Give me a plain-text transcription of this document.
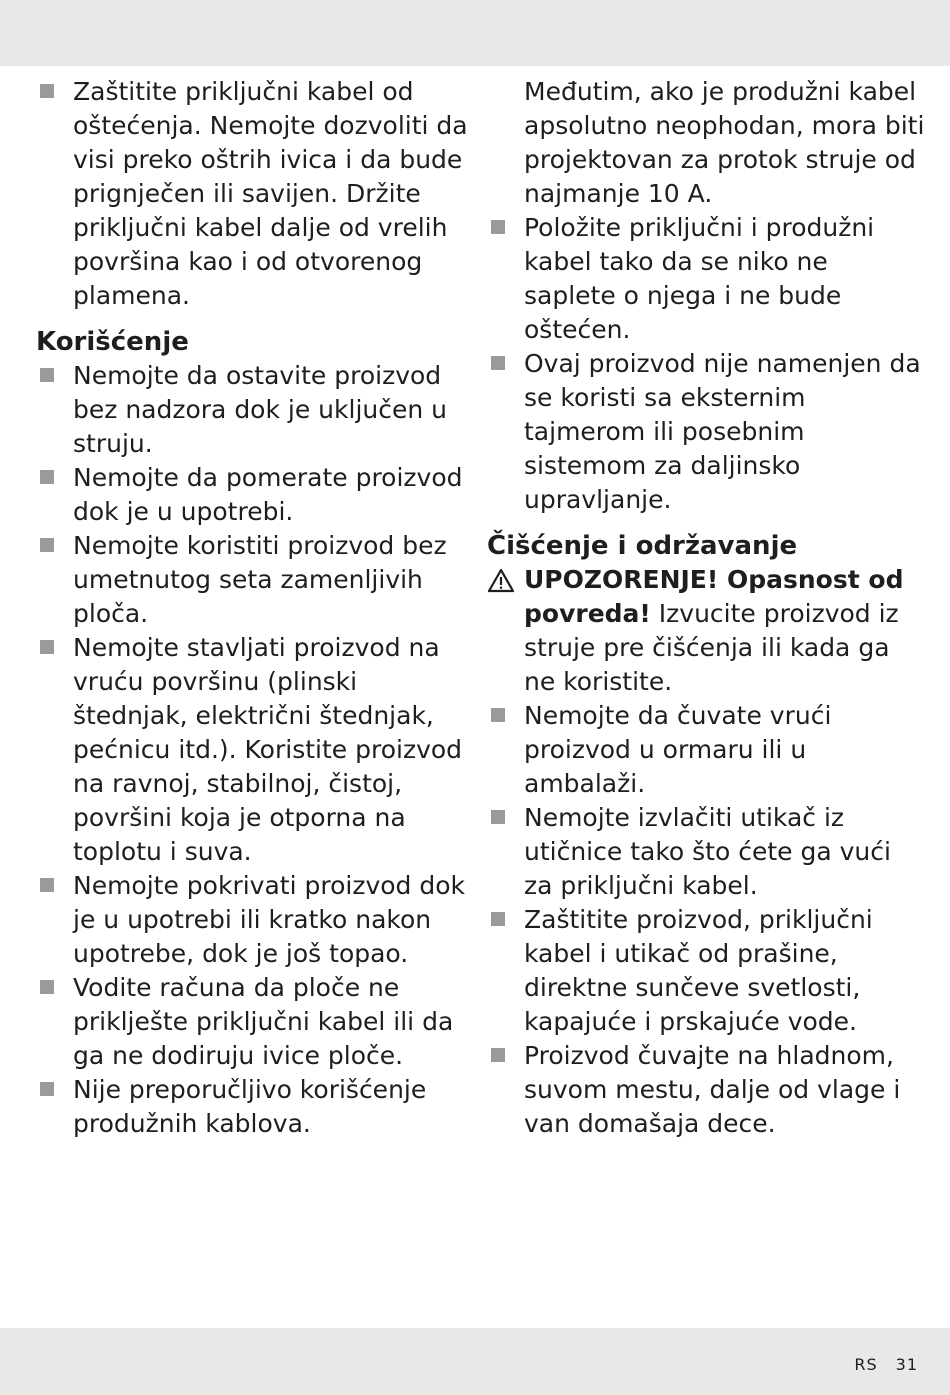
Zaštitite priključni kabel od oštećenja. Nemojte dozvoliti da visi preko oštrih ivica i da bude prignječen ili savijen. Držite priključni kabel dalje od vrelih površina kao i od otvorenog plamena.

Korišćenje

Nemojte da ostavite proizvod bez nadzora dok je uključen u struju.

Nemojte da pomerate proizvod dok je u upotrebi.

Nemojte koristiti proizvod bez umetnutog seta zamenljivih ploča.

Nemojte stavljati proizvod na vruću površinu (plinski štednjak, električni štednjak, pećnicu itd.). Koristite proizvod na ravnoj, stabilnoj, čistoj, površini koja je otporna na toplotu i suva.

Nemojte pokrivati proizvod dok je u upotrebi ili kratko nakon upotrebe, dok je još topao.

Vodite računa da ploče ne priklješte priključni kabel ili da ga ne dodiruju ivice ploče.

Nije preporučljivo korišćenje produžnih kablova.

Međutim, ako je produžni kabel apsolutno neophodan, mora biti projektovan za protok struje od najmanje 10 A.

Položite priključni i produžni kabel tako da se niko ne saplete o njega i ne bude oštećen.

Ovaj proizvod nije namenjen da se koristi sa eksternim tajmerom ili posebnim sistemom za daljinsko upravljanje.

Čišćenje i održavanje

UPOZORENJE! Opasnost od povreda! Izvucite proizvod iz struje pre čišćenja ili kada ga ne koristite.

Nemojte da čuvate vrući proizvod u ormaru ili u ambalaži.

Nemojte izvlačiti utikač iz utičnice tako što ćete ga vući za priključni kabel.

Zaštitite proizvod, priključni kabel i utikač od prašine, direktne sunčeve svetlosti, kapajuće i prskajuće vode.

Proizvod čuvajte na hladnom, suvom mestu, dalje od vlage i van domašaja dece.

RS 31
